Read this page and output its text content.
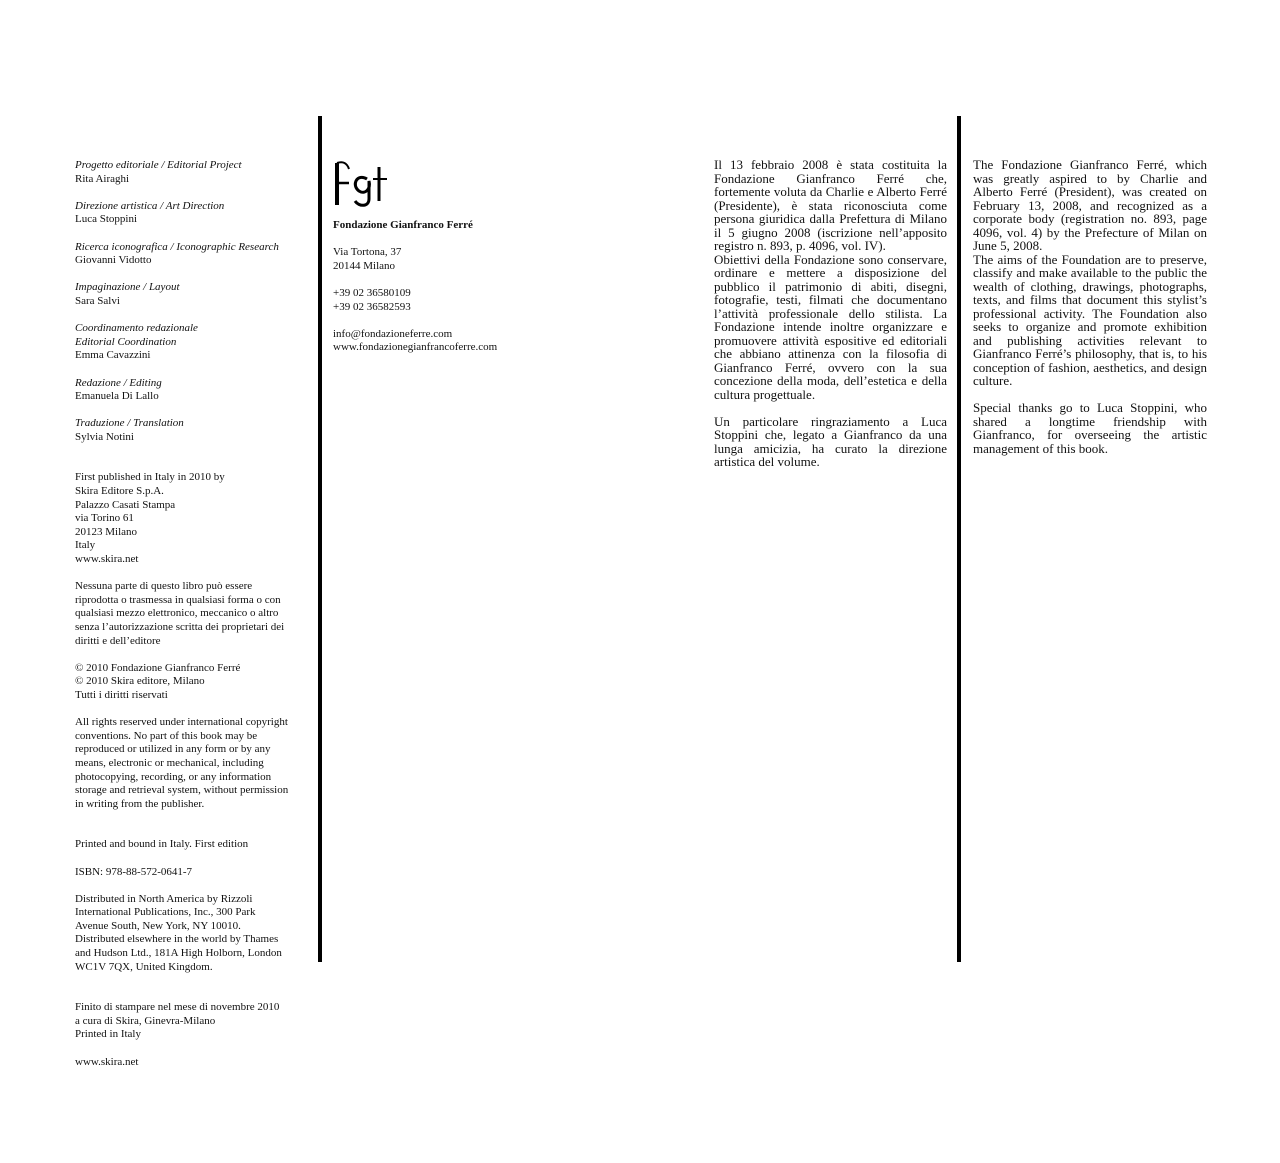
Progetto editoriale / Editorial Project

Rita Airaghi

Direzione artistica / Art Direction

Luca Stoppini

Ricerca iconografica / Iconographic Research

Giovanni Vidotto

Impaginazione / Layout

Sara Salvi

Coordinamento redazionale

Editorial Coordination

Emma Cavazzini

Redazione / Editing

Emanuela Di Lallo

Traduzione / Translation

Sylvia Notini

First published in Italy in 2010 by

Skira Editore S.p.A.

Palazzo Casati Stampa

via Torino 61

20123 Milano

Italy

www.skira.net

Nessuna parte di questo libro può essere

riprodotta o trasmessa in qualsiasi forma o con

qualsiasi mezzo elettronico, meccanico o altro

senza l’autorizzazione scritta dei proprietari dei

diritti e dell’editore

© 2010 Fondazione Gianfranco Ferré

© 2010 Skira editore, Milano

Tutti i diritti riservati

All rights reserved under international copyright

conventions. No part of this book may be

reproduced or utilized in any form or by any

means, electronic or mechanical, including

photocopying, recording, or any information

storage and retrieval system, without permission

in writing from the publisher.

Printed and bound in Italy. First edition

ISBN: 978-88-572-0641-7

Distributed in North America by Rizzoli

International Publications, Inc., 300 Park

Avenue South, New York, NY 10010.

Distributed elsewhere in the world by Thames

and Hudson Ltd., 181A High Holborn, London

WC1V 7QX, United Kingdom.

Finito di stampare nel mese di novembre 2010

a cura di Skira, Ginevra-Milano

Printed in Italy

www.skira.net

Fondazione Gianfranco Ferré

Via Tortona, 37

20144 Milano

+39 02 36580109

+39 02 36582593

info@fondazioneferre.com

www.fondazionegianfrancoferre.com

Il 13 febbraio 2008 è stata costituita la Fondazione Gianfranco Ferré che, fortemente voluta da Charlie e Alberto Ferré (Presidente), è stata riconosciuta come persona giuridica dalla Prefettura di Milano il 5 giugno 2008 (iscrizione nell’apposito registro n. 893, p. 4096, vol. IV).

Obiettivi della Fondazione sono conservare, ordinare e mettere a disposizione del pubblico il patrimonio di abiti, disegni, fotografie, testi, filmati che documentano l’attività professionale dello stilista. La Fondazione intende inoltre organizzare e promuovere attività espositive ed editoriali che abbiano attinenza con la filosofia di Gianfranco Ferré, ovvero con la sua concezione della moda, dell’estetica e della cultura progettuale.

Un particolare ringraziamento a Luca Stoppini che, legato a Gianfranco da una lunga amicizia, ha curato la direzione artistica del volume.

The Fondazione Gianfranco Ferré, which was greatly aspired to by Charlie and Alberto Ferré (President), was created on February 13, 2008, and recognized as a corporate body (registration no. 893, page 4096, vol. 4) by the Prefecture of Milan on June 5, 2008.

The aims of the Foundation are to preserve, classify and make available to the public the wealth of clothing, drawings, photographs, texts, and films that document this stylist’s professional activity. The Foundation also seeks to organize and promote exhibition and publishing activities relevant to Gianfranco Ferré’s philosophy, that is, to his conception of fashion, aesthetics, and design culture.

Special thanks go to Luca Stoppini, who shared a longtime friendship with Gianfranco, for overseeing the artistic management of this book.
